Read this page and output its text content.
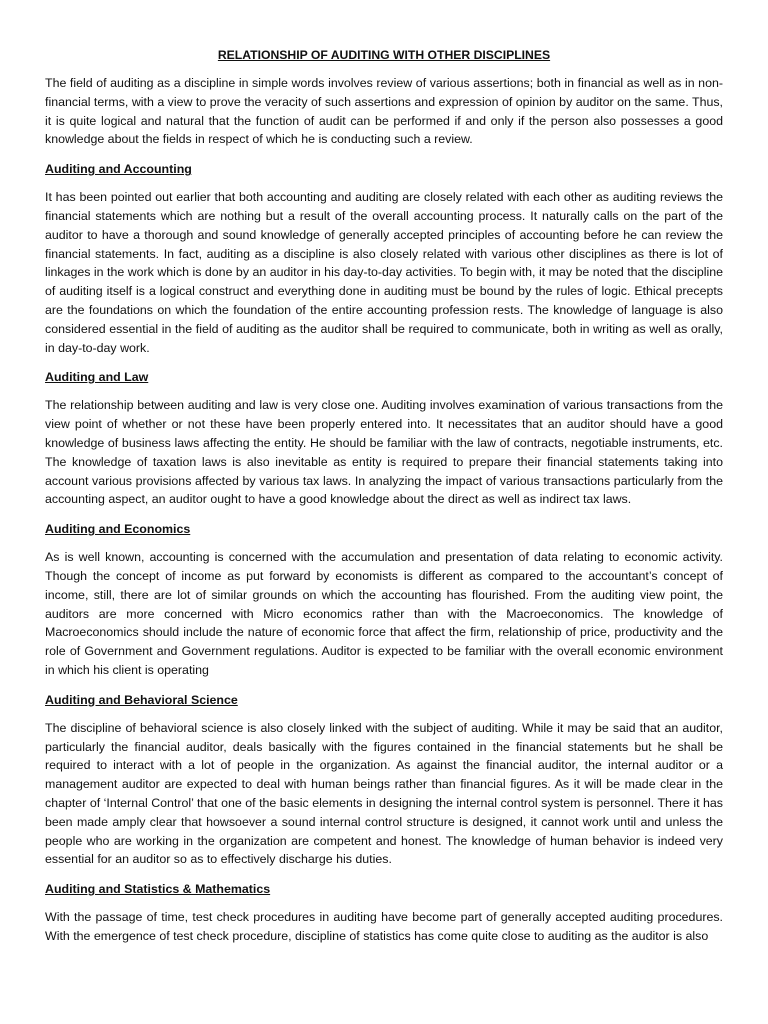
RELATIONSHIP OF AUDITING WITH OTHER DISCIPLINES
The field of auditing as a discipline in simple words involves review of various assertions; both in financial as well as in non-financial terms, with a view to prove the veracity of such assertions and expression of opinion by auditor on the same. Thus, it is quite logical and natural that the function of audit can be performed if and only if the person also possesses a good knowledge about the fields in respect of which he is conducting such a review.
Auditing and Accounting
It has been pointed out earlier that both accounting and auditing are closely related with each other as auditing reviews the financial statements which are nothing but a result of the overall accounting process. It naturally calls on the part of the auditor to have a thorough and sound knowledge of generally accepted principles of accounting before he can review the financial statements. In fact, auditing as a discipline is also closely related with various other disciplines as there is lot of linkages in the work which is done by an auditor in his day-to-day activities. To begin with, it may be noted that the discipline of auditing itself is a logical construct and everything done in auditing must be bound by the rules of logic. Ethical precepts are the foundations on which the foundation of the entire accounting profession rests. The knowledge of language is also considered essential in the field of auditing as the auditor shall be required to communicate, both in writing as well as orally, in day-to-day work.
Auditing and Law
The relationship between auditing and law is very close one. Auditing involves examination of various transactions from the view point of whether or not these have been properly entered into. It necessitates that an auditor should have a good knowledge of business laws affecting the entity. He should be familiar with the law of contracts, negotiable instruments, etc. The knowledge of taxation laws is also inevitable as entity is required to prepare their financial statements taking into account various provisions affected by various tax laws. In analyzing the impact of various transactions particularly from the accounting aspect, an auditor ought to have a good knowledge about the direct as well as indirect tax laws.
Auditing and Economics
As is well known, accounting is concerned with the accumulation and presentation of data relating to economic activity. Though the concept of income as put forward by economists is different as compared to the accountant’s concept of income, still, there are lot of similar grounds on which the accounting has flourished. From the auditing view point, the auditors are more concerned with Micro economics rather than with the Macroeconomics. The knowledge of Macroeconomics should include the nature of economic force that affect the firm, relationship of price, productivity and the role of Government and Government regulations. Auditor is expected to be familiar with the overall economic environment in which his client is operating
Auditing and Behavioral Science
The discipline of behavioral science is also closely linked with the subject of auditing. While it may be said that an auditor, particularly the financial auditor, deals basically with the figures contained in the financial statements but he shall be required to interact with a lot of people in the organization. As against the financial auditor, the internal auditor or a management auditor are expected to deal with human beings rather than financial figures. As it will be made clear in the chapter of ‘Internal Control’ that one of the basic elements in designing the internal control system is personnel. There it has been made amply clear that howsoever a sound internal control structure is designed, it cannot work until and unless the people who are working in the organization are competent and honest. The knowledge of human behavior is indeed very essential for an auditor so as to effectively discharge his duties.
Auditing and Statistics & Mathematics
With the passage of time, test check procedures in auditing have become part of generally accepted auditing procedures. With the emergence of test check procedure, discipline of statistics has come quite close to auditing as the auditor is also
